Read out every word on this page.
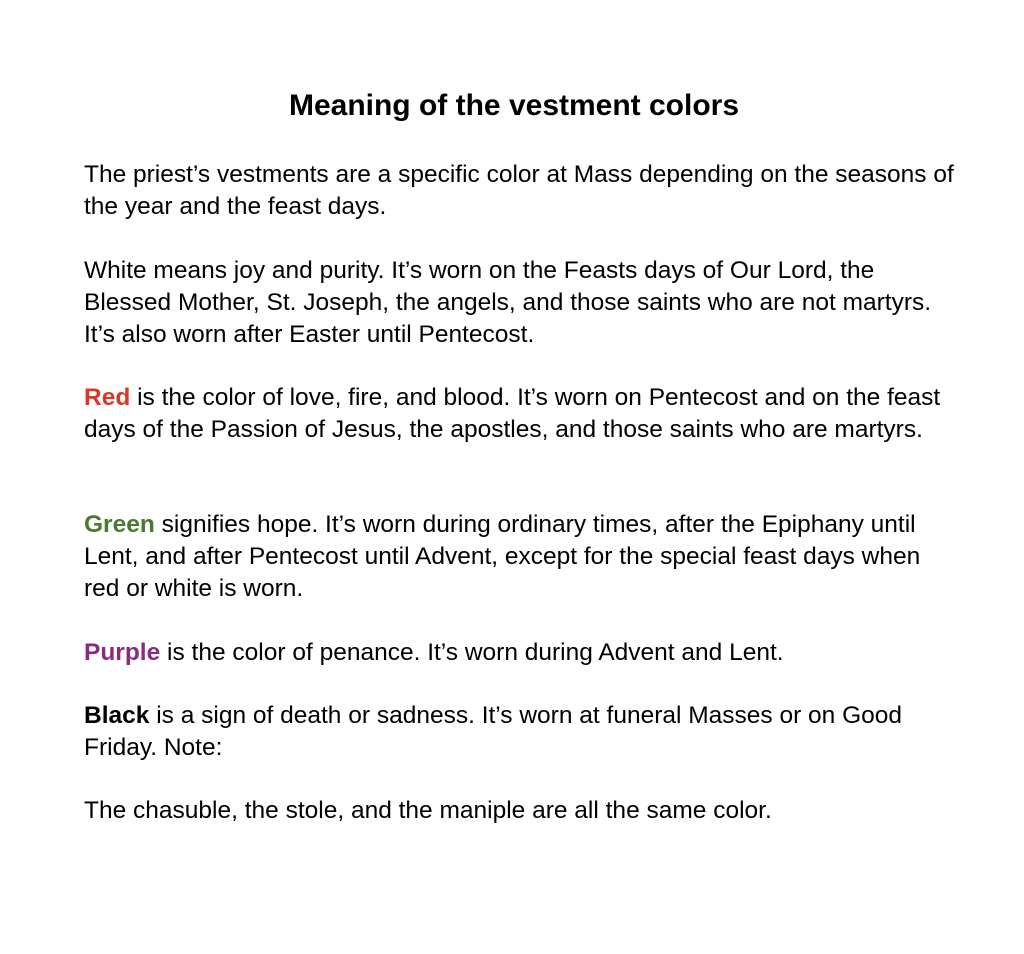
Meaning of the vestment colors

The priest’s vestments are a specific color at Mass depending on the seasons of the year and the feast days.

White means joy and purity. It’s worn on the Feasts days of Our Lord, the Blessed Mother, St. Joseph, the angels, and those saints who are not martyrs. It’s also worn after Easter until Pentecost.

Red is the color of love, fire, and blood. It’s worn on Pentecost and on the feast days of the Passion of Jesus, the apostles, and those saints who are martyrs.

Green signifies hope. It’s worn during ordinary times, after the Epiphany until Lent, and after Pentecost until Advent, except for the special feast days when red or white is worn.

Purple is the color of penance. It’s worn during Advent and Lent.

Black is a sign of death or sadness. It’s worn at funeral Masses or on Good Friday. Note:

The chasuble, the stole, and the maniple are all the same color.
